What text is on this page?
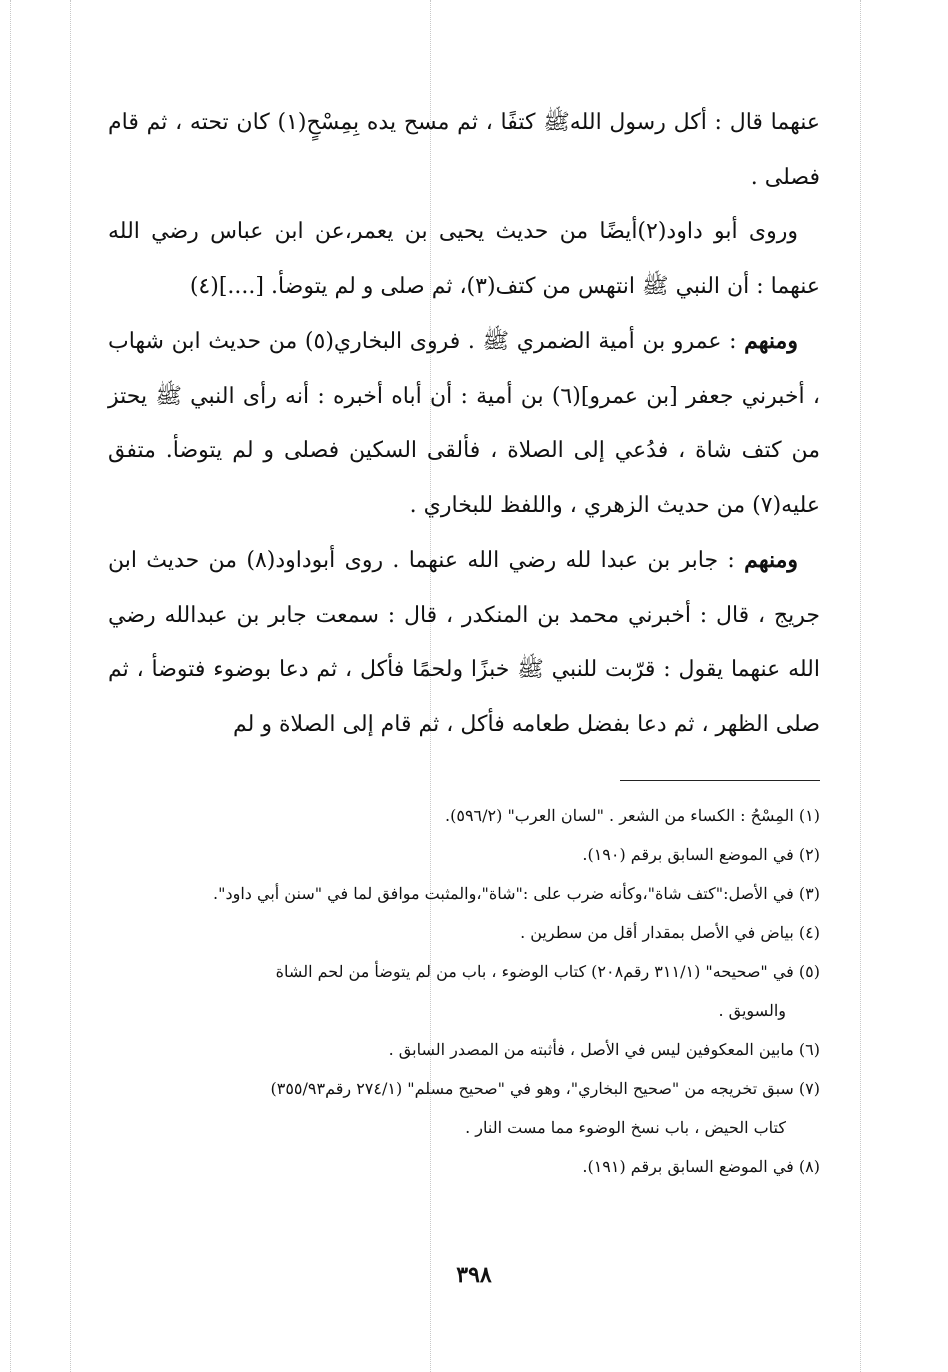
عنهما قال : أكل رسول اللهﷺ كتفًا ، ثم مسح يده بِمِسْحٍ(١) كان تحته ، ثم قام فصلى .

وروى أبو داود(٢)أيضًا من حديث يحيى بن يعمر،عن ابن عباس رضي الله عنهما : أن النبي ﷺ انتهس من كتف(٣)، ثم صلى و لم يتوضأ. [....](٤)

ومنهم : عمرو بن أمية الضمري ﷺ . فروى البخاري(٥) من حديث ابن شهاب ، أخبرني جعفر [بن عمرو](٦) بن أمية : أن أباه أخبره : أنه رأى النبي ﷺ يحتز من كتف شاة ، فدُعي إلى الصلاة ، فألقى السكين فصلى و لم يتوضأ. متفق عليه(٧) من حديث الزهري ، واللفظ للبخاري .

ومنهم : جابر بن عبدا لله رضي الله عنهما . روى أبوداود(٨) من حديث ابن جريج ، قال : أخبرني محمد بن المنكدر ، قال : سمعت جابر بن عبدالله رضي الله عنهما يقول : قرّبت للنبي ﷺ خبزًا ولحمًا فأكل ، ثم دعا بوضوء فتوضأ ، ثم صلى الظهر ، ثم دعا بفضل طعامه فأكل ، ثم قام إلى الصلاة و لم

(١) المِسْحُ : الكساء من الشعر . "لسان العرب" (٥٩٦/٢).

(٢) في الموضع السابق برقم (١٩٠).

(٣) في الأصل:"كتف شاة"،وكأنه ضرب على :"شاة"،والمثبت موافق لما في "سنن أبي داود".

(٤) بياض في الأصل بمقدار أقل من سطرين .

(٥) في "صحيحه" (٣١١/١ رقم٢٠٨) كتاب الوضوء ، باب من لم يتوضأ من لحم الشاة

والسويق .

(٦) مابين المعكوفين ليس في الأصل ، فأثبته من المصدر السابق .

(٧) سبق تخريجه من "صحيح البخاري"، وهو في "صحيح مسلم" (٢٧٤/١ رقم٣٥٥/٩٣)

كتاب الحيض ، باب نسخ الوضوء مما مست النار .

(٨) في الموضع السابق برقم (١٩١).

٣٩٨
